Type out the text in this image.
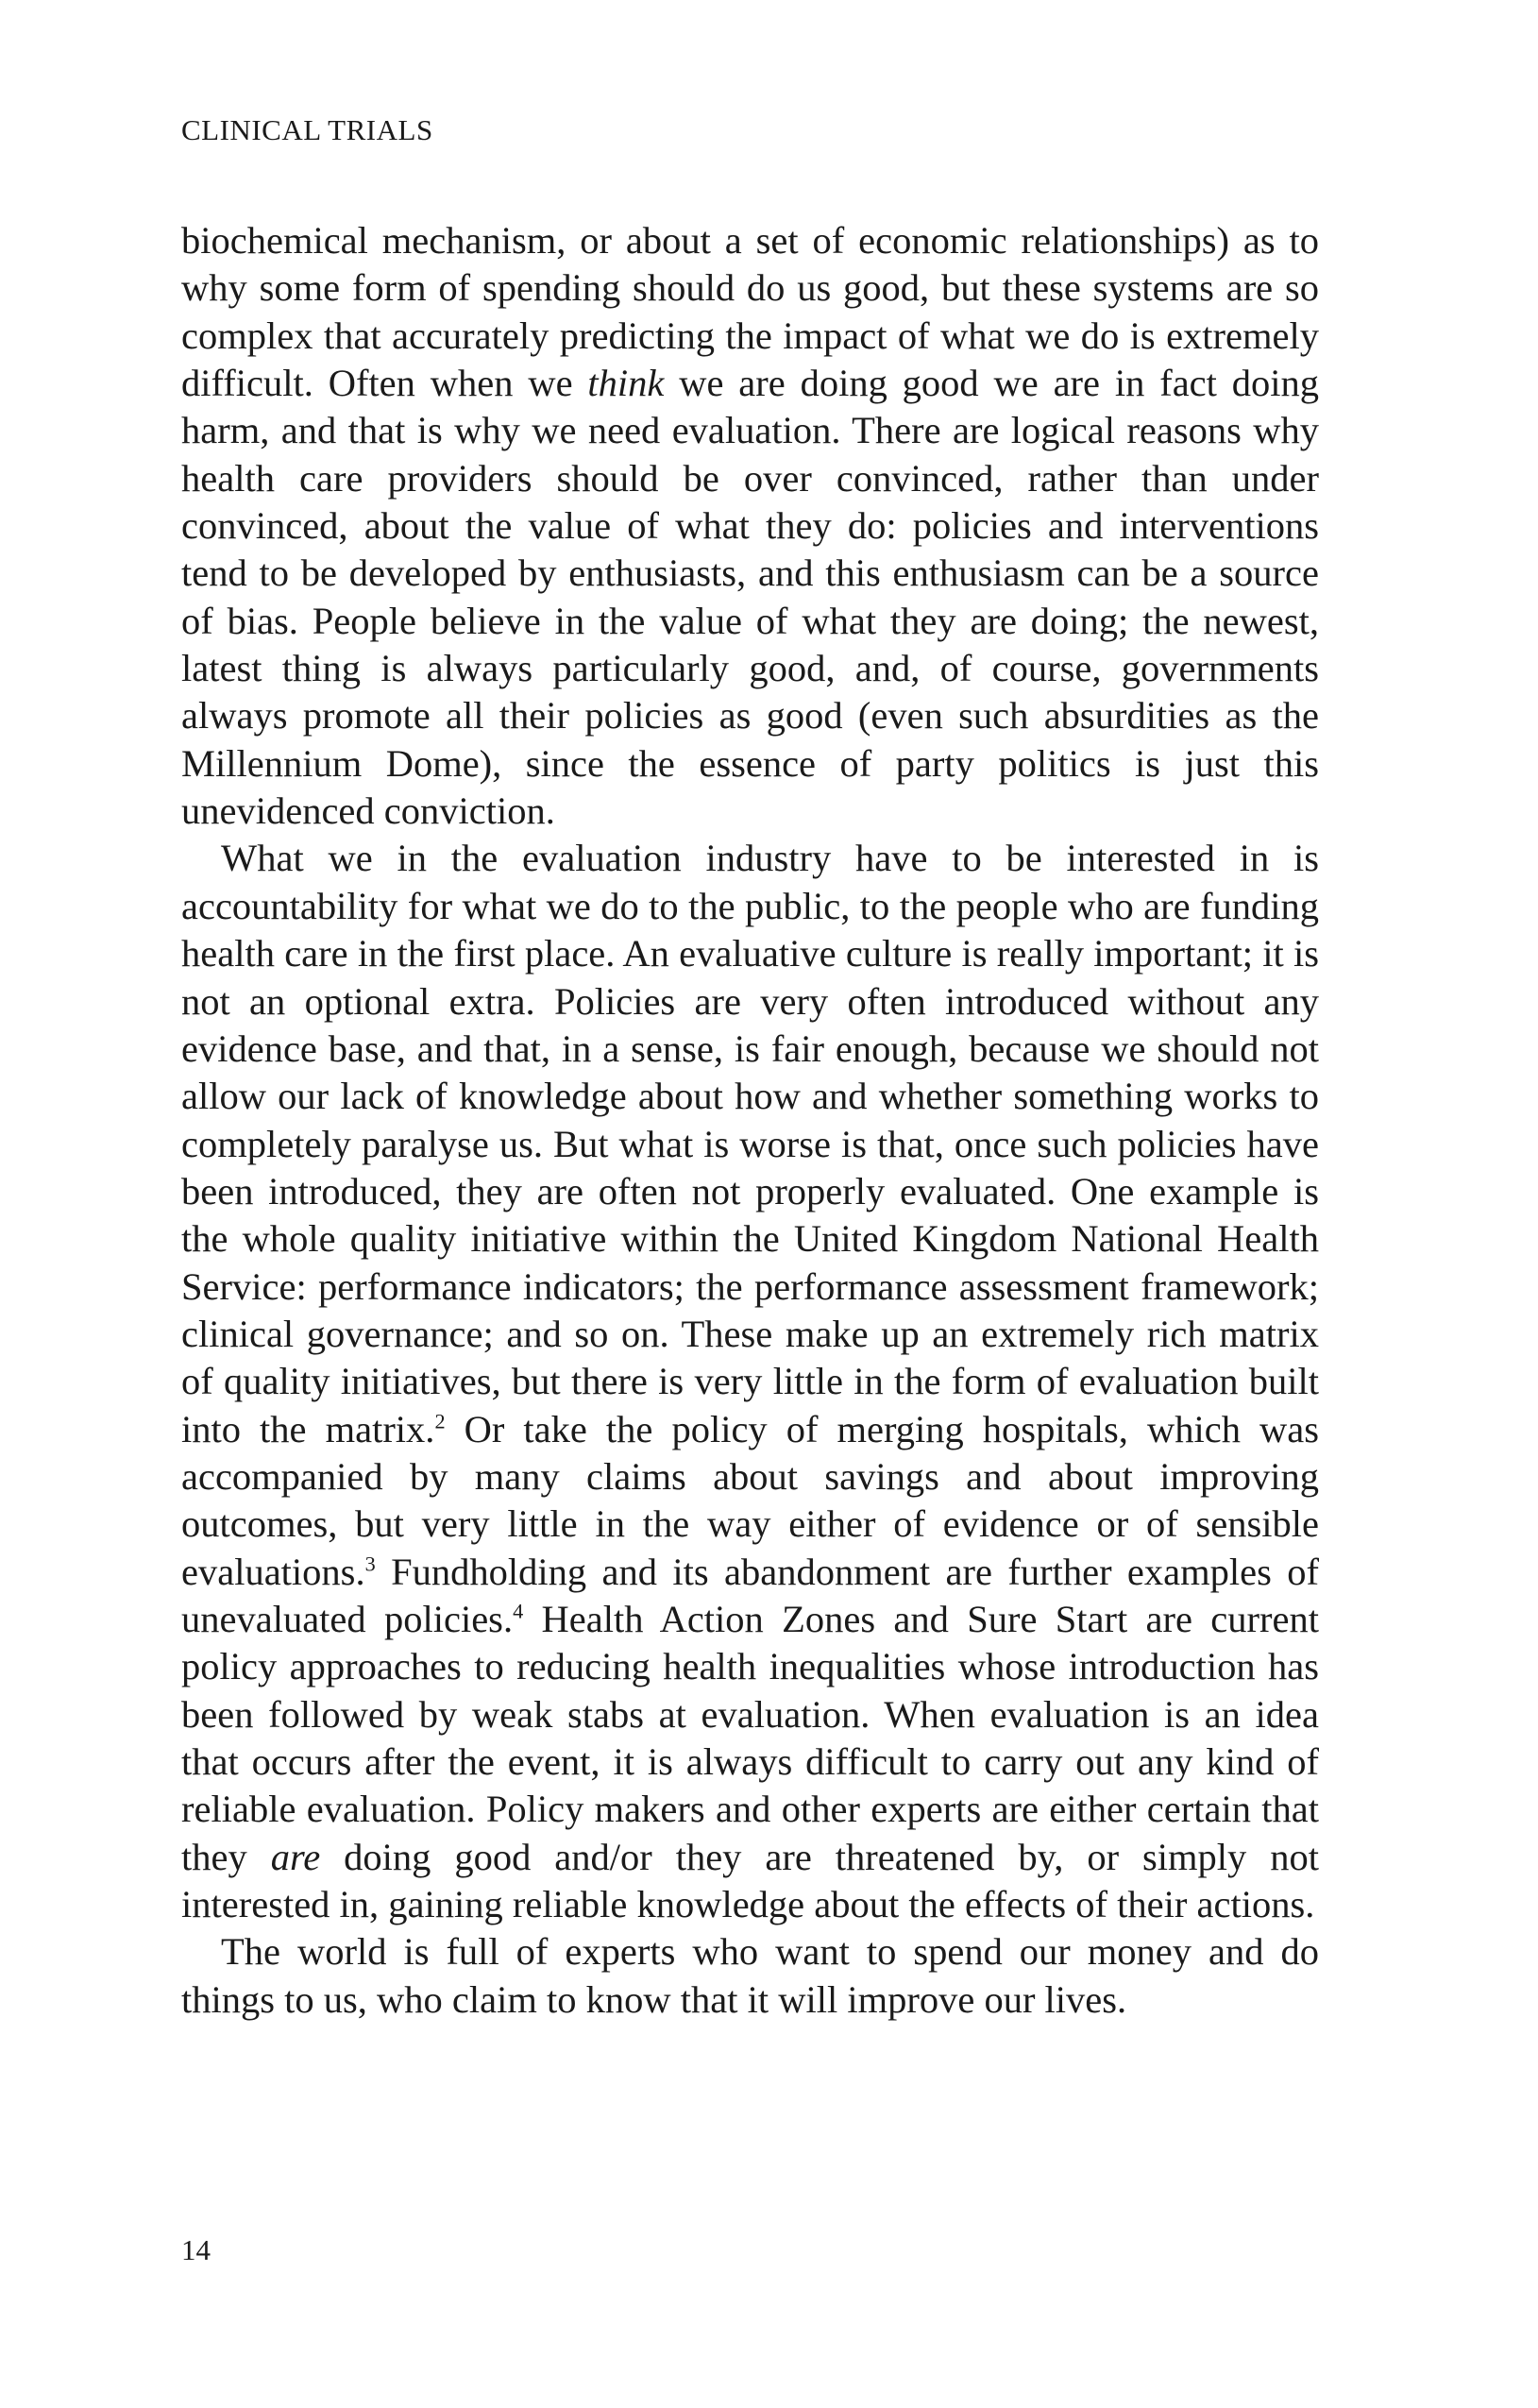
CLINICAL TRIALS

biochemical mechanism, or about a set of economic relationships) as to why some form of spending should do us good, but these systems are so complex that accurately predicting the impact of what we do is extremely difficult. Often when we think we are doing good we are in fact doing harm, and that is why we need evaluation. There are logical reasons why health care providers should be over convinced, rather than under convinced, about the value of what they do: policies and interventions tend to be developed by enthusiasts, and this enthusiasm can be a source of bias. People believe in the value of what they are doing; the newest, latest thing is always particularly good, and, of course, governments always promote all their policies as good (even such absurdities as the Millennium Dome), since the essence of party politics is just this unevidenced conviction.

What we in the evaluation industry have to be interested in is accountability for what we do to the public, to the people who are funding health care in the first place. An evaluative culture is really important; it is not an optional extra. Policies are very often introduced without any evidence base, and that, in a sense, is fair enough, because we should not allow our lack of knowledge about how and whether something works to completely paralyse us. But what is worse is that, once such policies have been introduced, they are often not properly evaluated. One example is the whole quality initiative within the United Kingdom National Health Service: performance indicators; the performance assessment framework; clinical governance; and so on. These make up an extremely rich matrix of quality initiatives, but there is very little in the form of evaluation built into the matrix.$^2$ Or take the policy of merging hospitals, which was accompanied by many claims about savings and about improving outcomes, but very little in the way either of evidence or of sensible evaluations.$^3$ Fundholding and its abandonment are further examples of unevaluated policies.$^4$ Health Action Zones and Sure Start are current policy approaches to reducing health inequalities whose introduction has been followed by weak stabs at evaluation. When evaluation is an idea that occurs after the event, it is always difficult to carry out any kind of reliable evaluation. Policy makers and other experts are either certain that they are doing good and/or they are threatened by, or simply not interested in, gaining reliable knowledge about the effects of their actions.

The world is full of experts who want to spend our money and do things to us, who claim to know that it will improve our lives.

14
